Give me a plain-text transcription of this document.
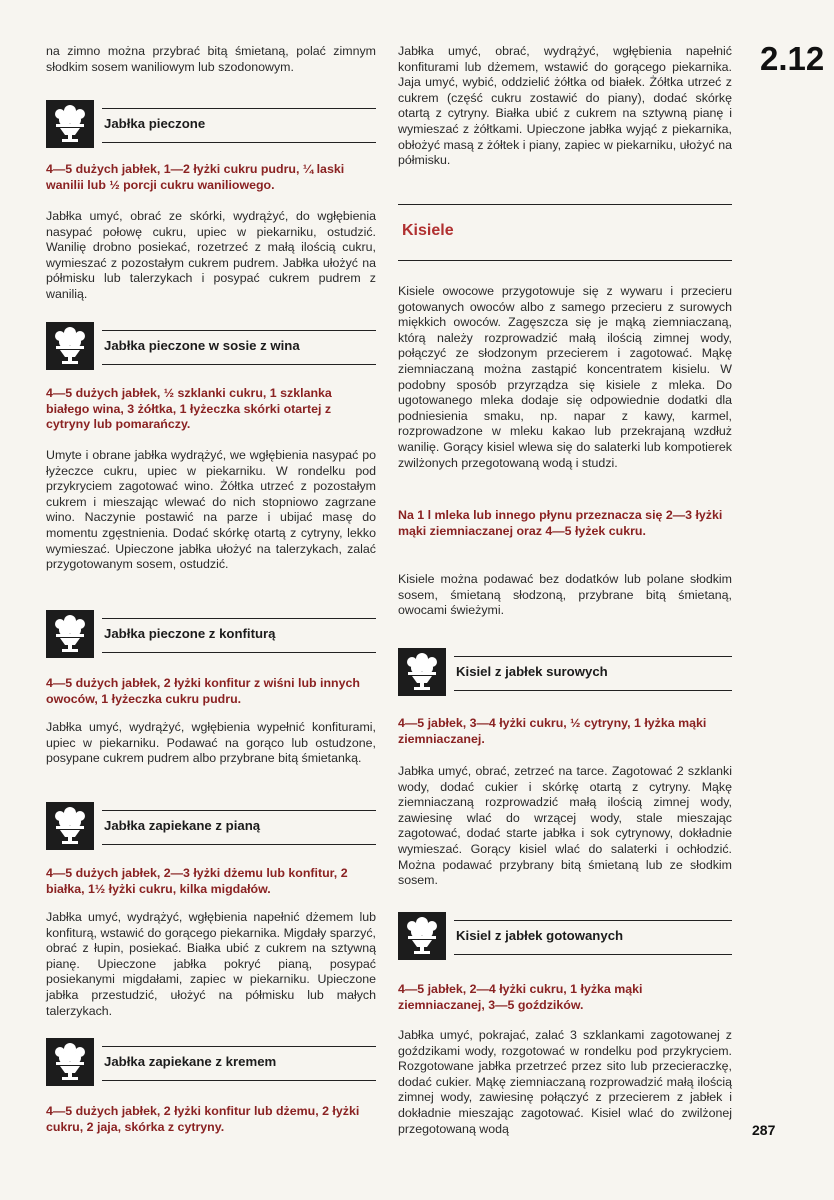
2.12

na zimno można przybrać bitą śmietaną, polać zimnym słodkim sosem waniliowym lub szodonowym.

Jabłka pieczone

4—5 dużych jabłek, 1—2 łyżki cukru pudru, ¼ laski wanilii lub ½ porcji cukru waniliowego.

Jabłka umyć, obrać ze skórki, wydrążyć, do wgłębienia nasypać połowę cukru, upiec w piekarniku, ostudzić. Wanilię drobno posiekać, rozetrzeć z małą ilością cukru, wymieszać z pozostałym cukrem pudrem. Jabłka ułożyć na półmisku lub talerzykach i posypać cukrem pudrem z wanilią.

Jabłka pieczone w sosie z wina

4—5 dużych jabłek, ½ szklanki cukru, 1 szklanka białego wina, 3 żółtka, 1 łyżeczka skórki otartej z cytryny lub pomarańczy.

Umyte i obrane jabłka wydrążyć, we wgłębienia nasypać po łyżeczce cukru, upiec w piekarniku. W rondelku pod przykryciem zagotować wino. Żółtka utrzeć z pozostałym cukrem i mieszając wlewać do nich stopniowo zagrzane wino. Naczynie postawić na parze i ubijać masę do momentu zgęstnienia. Dodać skórkę otartą z cytryny, lekko wymieszać. Upieczone jabłka ułożyć na talerzykach, zalać przygotowanym sosem, ostudzić.

Jabłka pieczone z konfiturą

4—5 dużych jabłek, 2 łyżki konfitur z wiśni lub innych owoców, 1 łyżeczka cukru pudru.

Jabłka umyć, wydrążyć, wgłębienia wypełnić konfiturami, upiec w piekarniku. Podawać na gorąco lub ostudzone, posypane cukrem pudrem albo przybrane bitą śmietanką.

Jabłka zapiekane z pianą

4—5 dużych jabłek, 2—3 łyżki dżemu lub konfitur, 2 białka, 1½ łyżki cukru, kilka migdałów.

Jabłka umyć, wydrążyć, wgłębienia napełnić dżemem lub konfiturą, wstawić do gorącego piekarnika. Migdały sparzyć, obrać z łupin, posiekać. Białka ubić z cukrem na sztywną pianę. Upieczone jabłka pokryć pianą, posypać posiekanymi migdałami, zapiec w piekarniku. Upieczone jabłka przestudzić, ułożyć na półmisku lub małych talerzykach.

Jabłka zapiekane z kremem

4—5 dużych jabłek, 2 łyżki konfitur lub dżemu, 2 łyżki cukru, 2 jaja, skórka z cytryny.

Jabłka umyć, obrać, wydrążyć, wgłębienia napełnić konfiturami lub dżemem, wstawić do gorącego piekarnika. Jaja umyć, wybić, oddzielić żółtka od białek. Żółtka utrzeć z cukrem (część cukru zostawić do piany), dodać skórkę otartą z cytryny. Białka ubić z cukrem na sztywną pianę i wymieszać z żółtkami. Upieczone jabłka wyjąć z piekarnika, obłożyć masą z żółtek i piany, zapiec w piekarniku, ułożyć na półmisku.

Kisiele

Kisiele owocowe przygotowuje się z wywaru i przecieru gotowanych owoców albo z samego przecieru z surowych miękkich owoców. Zagęszcza się je mąką ziemniaczaną, którą należy rozprowadzić małą ilością zimnej wody, połączyć ze słodzonym przecierem i zagotować. Mąkę ziemniaczaną można zastąpić koncentratem kisielu. W podobny sposób przyrządza się kisiele z mleka. Do ugotowanego mleka dodaje się odpowiednie dodatki dla podniesienia smaku, np. napar z kawy, karmel, rozprowadzone w mleku kakao lub przekrajaną wzdłuż wanilię. Gorący kisiel wlewa się do salaterki lub kompotierek zwilżonych przegotowaną wodą i studzi.

Na 1 l mleka lub innego płynu przeznacza się 2—3 łyżki mąki ziemniaczanej oraz 4—5 łyżek cukru.

Kisiele można podawać bez dodatków lub polane słodkim sosem, śmietaną słodzoną, przybrane bitą śmietaną, owocami świeżymi.

Kisiel z jabłek surowych

4—5 jabłek, 3—4 łyżki cukru, ½ cytryny, 1 łyżka mąki ziemniaczanej.

Jabłka umyć, obrać, zetrzeć na tarce. Zagotować 2 szklanki wody, dodać cukier i skórkę otartą z cytryny. Mąkę ziemniaczaną rozprowadzić małą ilością zimnej wody, zawiesinę wlać do wrzącej wody, stale mieszając zagotować, dodać starte jabłka i sok cytrynowy, dokładnie wymieszać. Gorący kisiel wlać do salaterki i ochłodzić. Można podawać przybrany bitą śmietaną lub ze słodkim sosem.

Kisiel z jabłek gotowanych

4—5 jabłek, 2—4 łyżki cukru, 1 łyżka mąki ziemniaczanej, 3—5 goździków.

Jabłka umyć, pokrajać, zalać 3 szklankami zagotowanej z goździkami wody, rozgotować w rondelku pod przykryciem. Rozgotowane jabłka przetrzeć przez sito lub przecieraczkę, dodać cukier. Mąkę ziemniaczaną rozprowadzić małą ilością zimnej wody, zawiesinę połączyć z przecierem z jabłek i dokładnie mieszając zagotować. Kisiel wlać do zwilżonej przegotowaną wodą	287
